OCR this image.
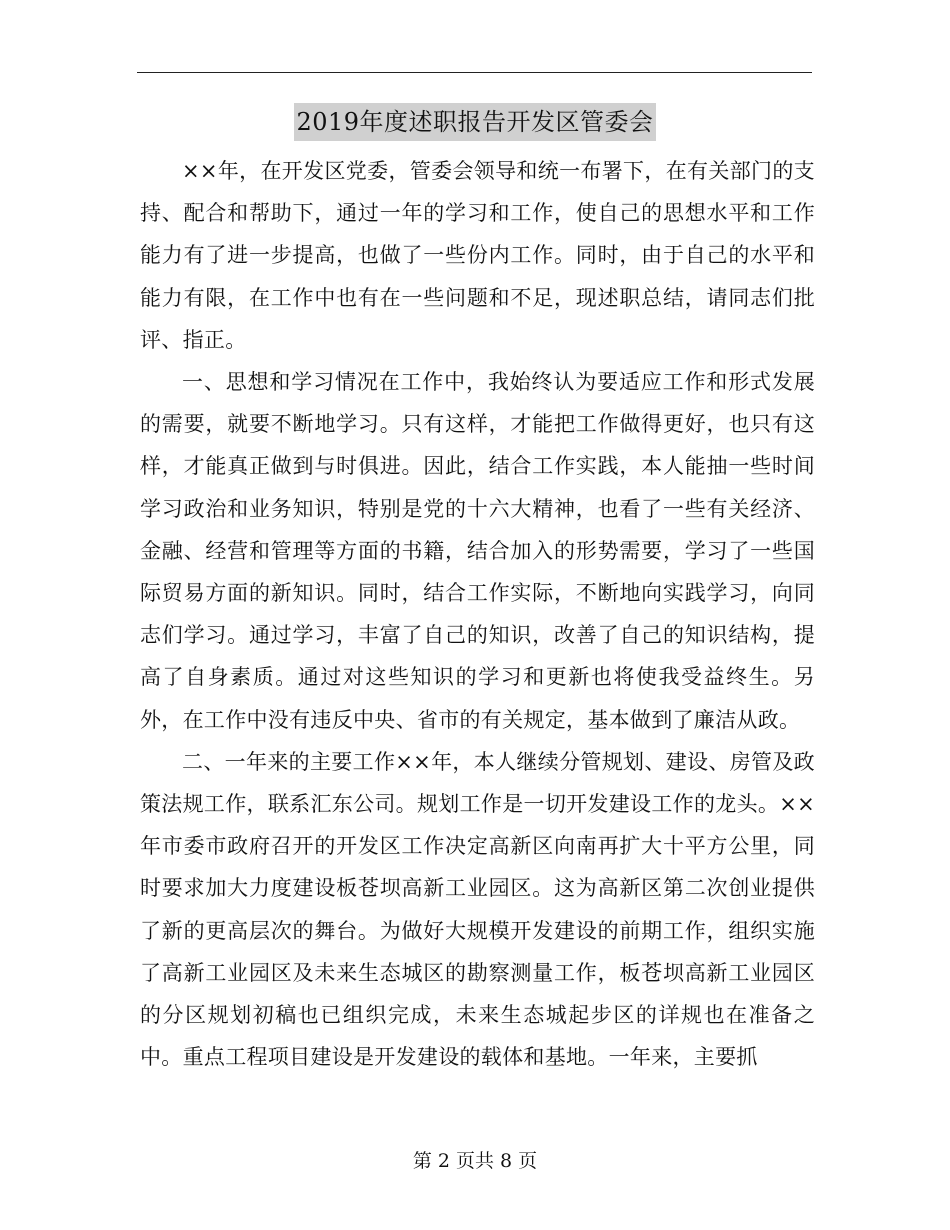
2019年度述职报告开发区管委会

××年，在开发区党委，管委会领导和统一布署下，在有关部门的支持、配合和帮助下，通过一年的学习和工作，使自己的思想水平和工作能力有了进一步提高，也做了一些份内工作。同时，由于自己的水平和能力有限，在工作中也有在一些问题和不足，现述职总结，请同志们批评、指正。

一、思想和学习情况在工作中，我始终认为要适应工作和形式发展的需要，就要不断地学习。只有这样，才能把工作做得更好，也只有这样，才能真正做到与时俱进。因此，结合工作实践，本人能抽一些时间学习政治和业务知识，特别是党的十六大精神，也看了一些有关经济、金融、经营和管理等方面的书籍，结合加入的形势需要，学习了一些国际贸易方面的新知识。同时，结合工作实际，不断地向实践学习，向同志们学习。通过学习，丰富了自己的知识，改善了自己的知识结构，提高了自身素质。通过对这些知识的学习和更新也将使我受益终生。另外，在工作中没有违反中央、省市的有关规定，基本做到了廉洁从政。

二、一年来的主要工作××年，本人继续分管规划、建设、房管及政策法规工作，联系汇东公司。规划工作是一切开发建设工作的龙头。××年市委市政府召开的开发区工作决定高新区向南再扩大十平方公里，同时要求加大力度建设板苍坝高新工业园区。这为高新区第二次创业提供了新的更高层次的舞台。为做好大规模开发建设的前期工作，组织实施了高新工业园区及未来生态城区的勘察测量工作，板苍坝高新工业园区的分区规划初稿也已组织完成，未来生态城起步区的详规也在准备之中。重点工程项目建设是开发建设的载体和基地。一年来，主要抓

第 2 页共 8 页
